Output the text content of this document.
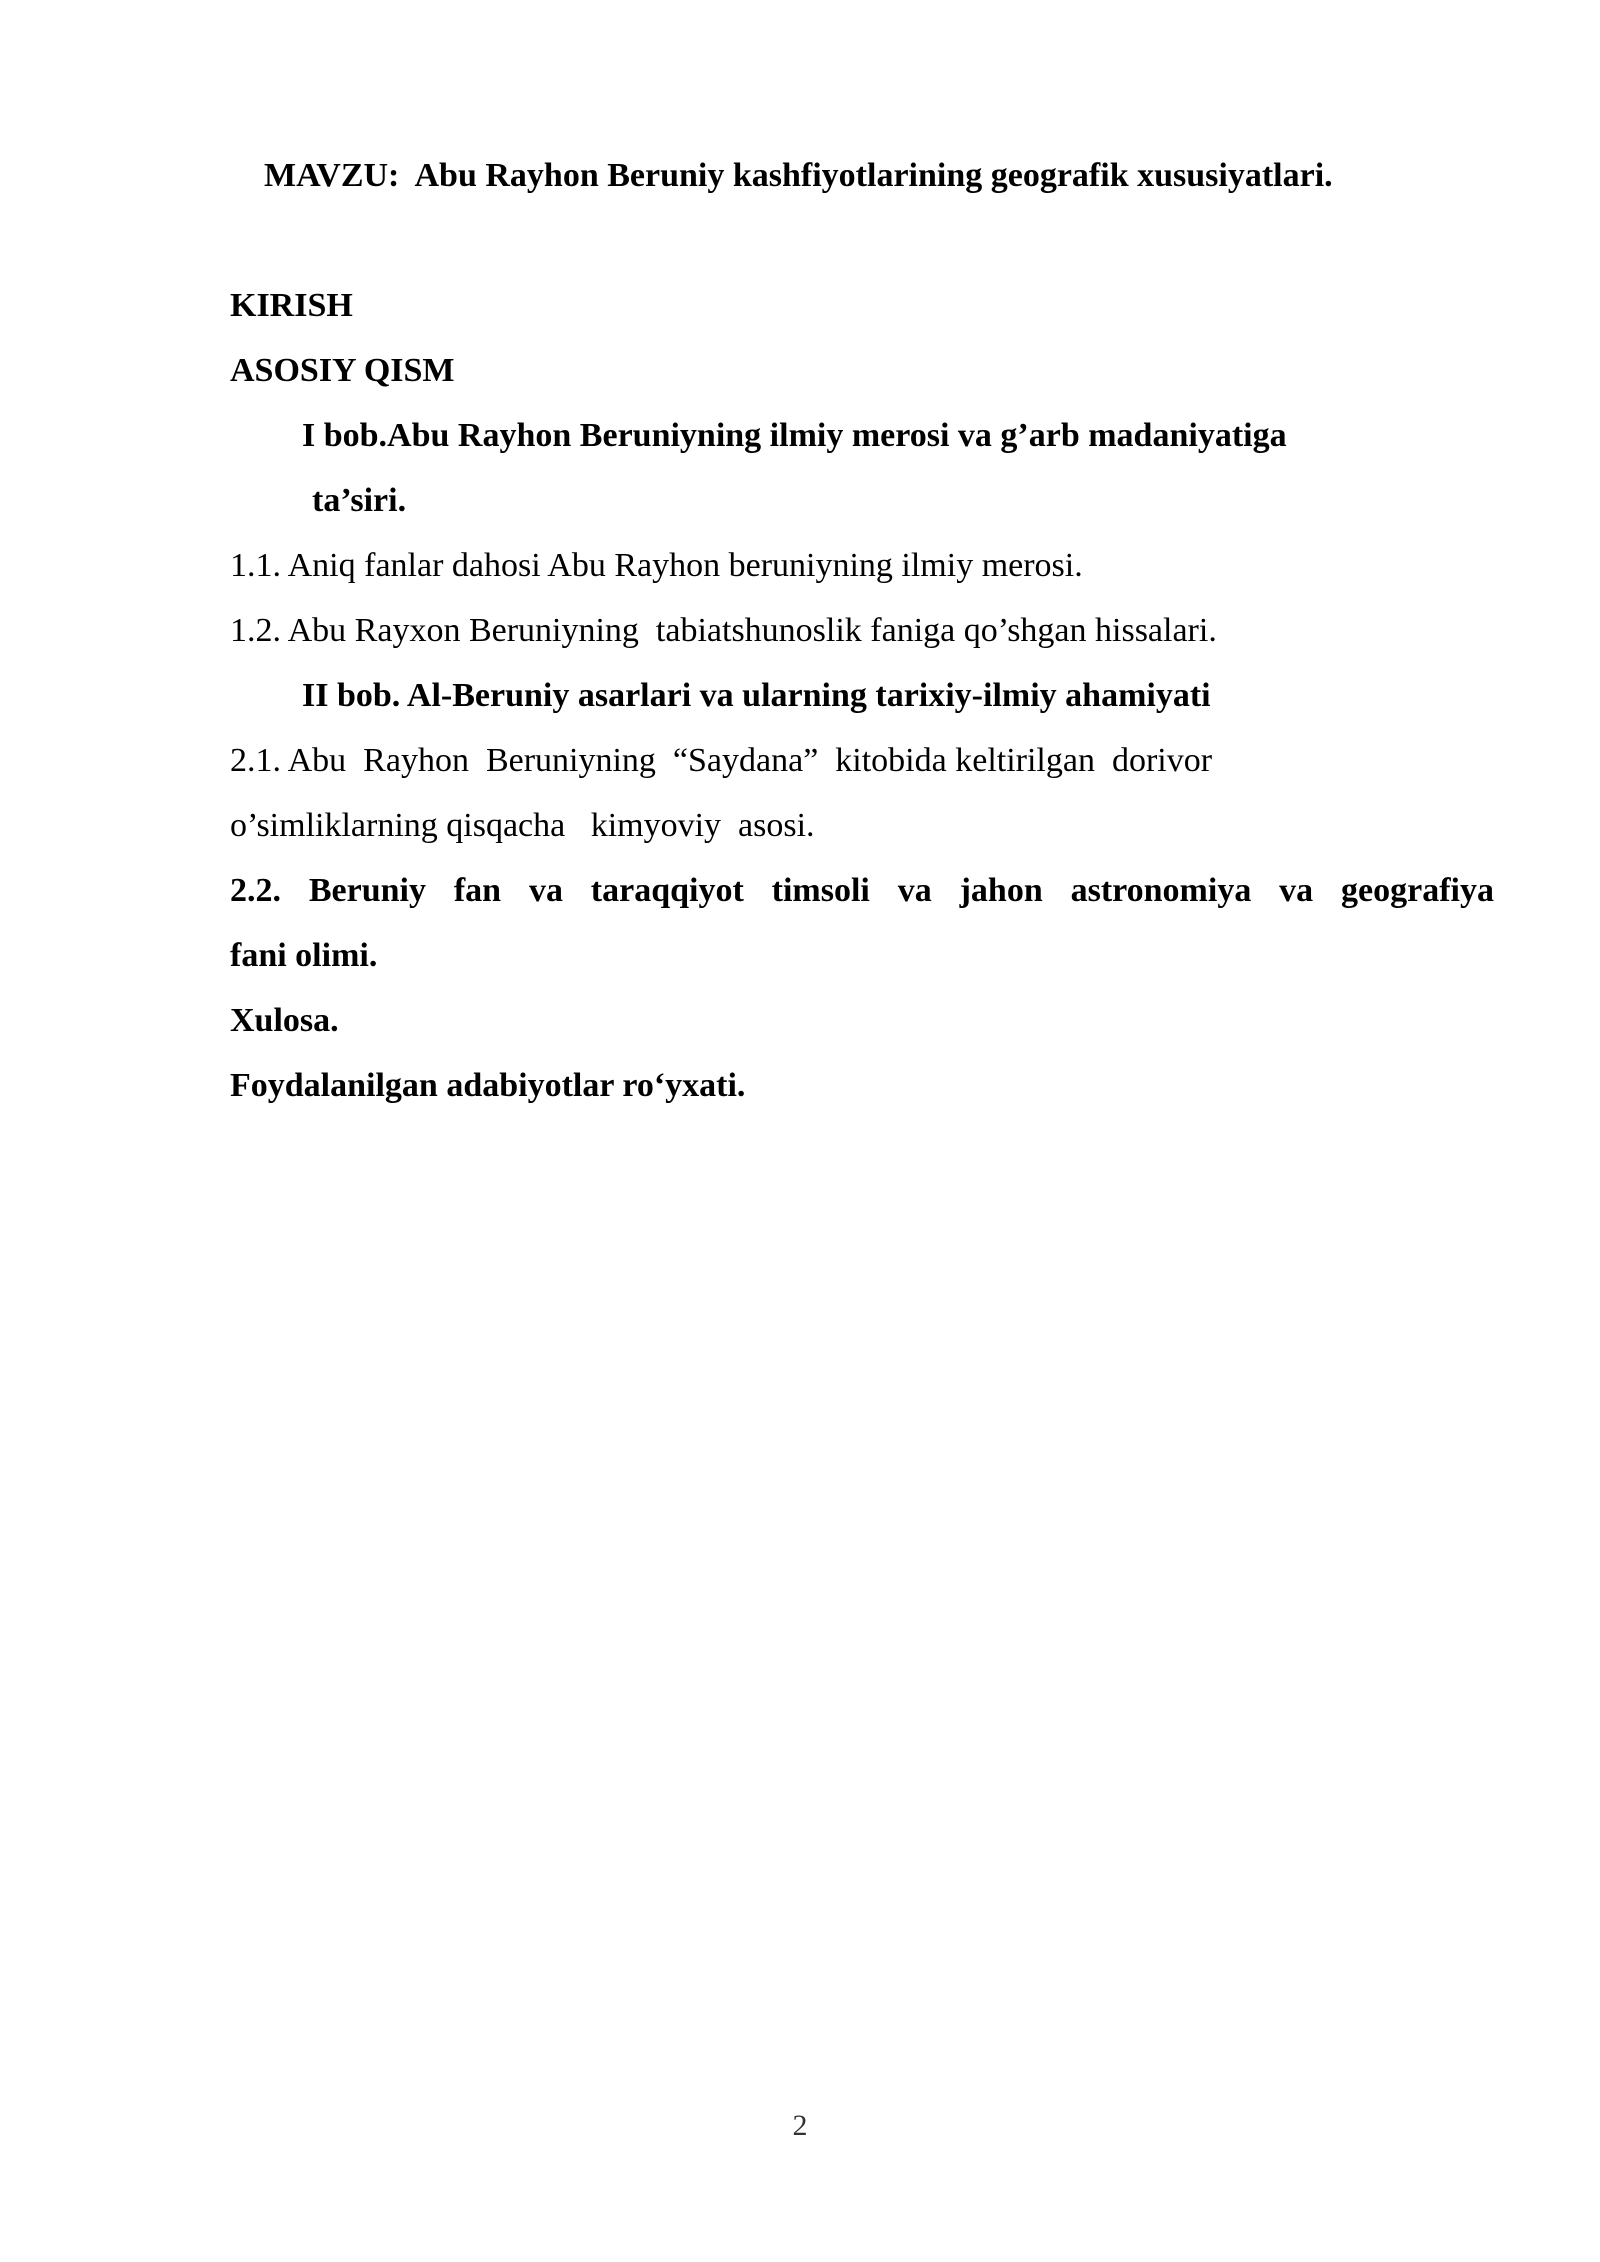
MAVZU:  Abu Rayhon Beruniy kashfiyotlarining geografik xususiyatlari.
KIRISH
ASOSIY QISM
I bob.Abu Rayhon Beruniyning ilmiy merosi va g’arb madaniyatiga
ta’siri.
1.1. Aniq fanlar dahosi Abu Rayhon beruniyning ilmiy merosi.
1.2. Abu Rayxon Beruniyning  tabiatshunoslik faniga qo’shgan hissalari.
II bob. Al-Beruniy asarlari va ularning tarixiy-ilmiy ahamiyati
2.1. Abu  Rayhon  Beruniyning  “Saydana”  kitobida keltirilgan  dorivor
o’simliklarning qisqacha   kimyoviy  asosi.
2.2. Beruniy fan va taraqqiyot timsoli va jahon astronomiya va geografiya
fani olimi.
Xulosa.
Foydalanilgan adabiyotlar ro‘yxati.
2
